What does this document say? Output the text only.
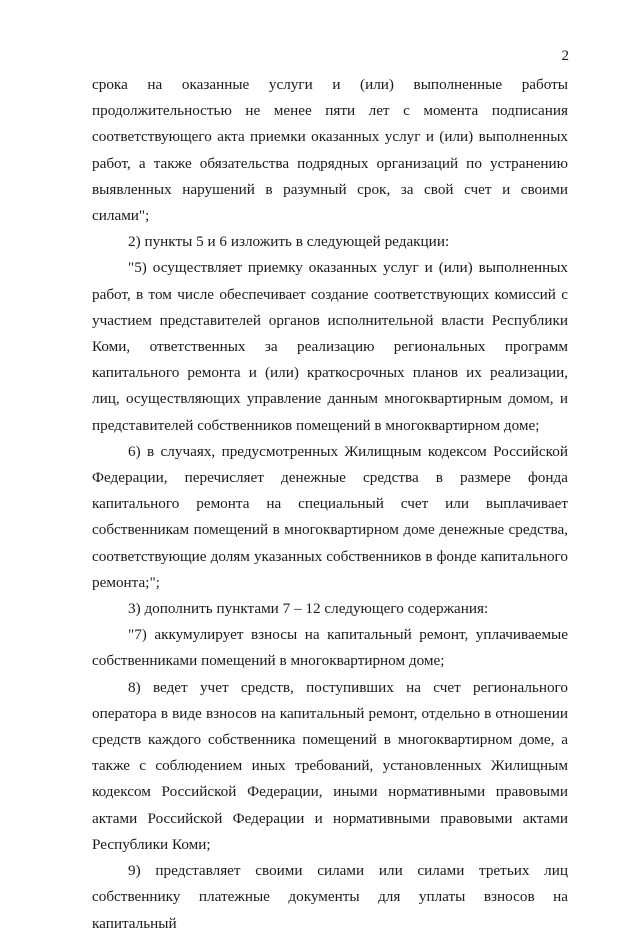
2

срока на оказанные услуги и (или) выполненные работы продолжительностью не менее пяти лет с момента подписания соответствующего акта приемки оказанных услуг и (или) выполненных работ, а также обязательства подрядных организаций по устранению выявленных нарушений в разумный срок, за свой счет и своими силами";

2) пункты 5 и 6 изложить в следующей редакции:

"5) осуществляет приемку оказанных услуг и (или) выполненных работ, в том числе обеспечивает создание соответствующих комиссий с участием представителей органов исполнительной власти Республики Коми, ответственных за реализацию региональных программ капитального ремонта и (или) краткосрочных планов их реализации, лиц, осуществляющих управление данным многоквартирным домом, и представителей собственников помещений в многоквартирном доме;

6) в случаях, предусмотренных Жилищным кодексом Российской Федерации, перечисляет денежные средства в размере фонда капитального ремонта на специальный счет или выплачивает собственникам помещений в многоквартирном доме денежные средства, соответствующие долям указанных собственников в фонде капитального ремонта;";

3) дополнить пунктами 7 – 12 следующего содержания:

"7) аккумулирует взносы на капитальный ремонт, уплачиваемые собственниками помещений в многоквартирном доме;

8) ведет учет средств, поступивших на счет регионального оператора в виде взносов на капитальный ремонт, отдельно в отношении средств каждого собственника помещений в многоквартирном доме, а также с соблюдением иных требований, установленных Жилищным кодексом Российской Федерации, иными нормативными правовыми актами Российской Федерации и нормативными правовыми актами Республики Коми;

9) представляет своими силами или силами третьих лиц собственнику платежные документы для уплаты взносов на капитальный
